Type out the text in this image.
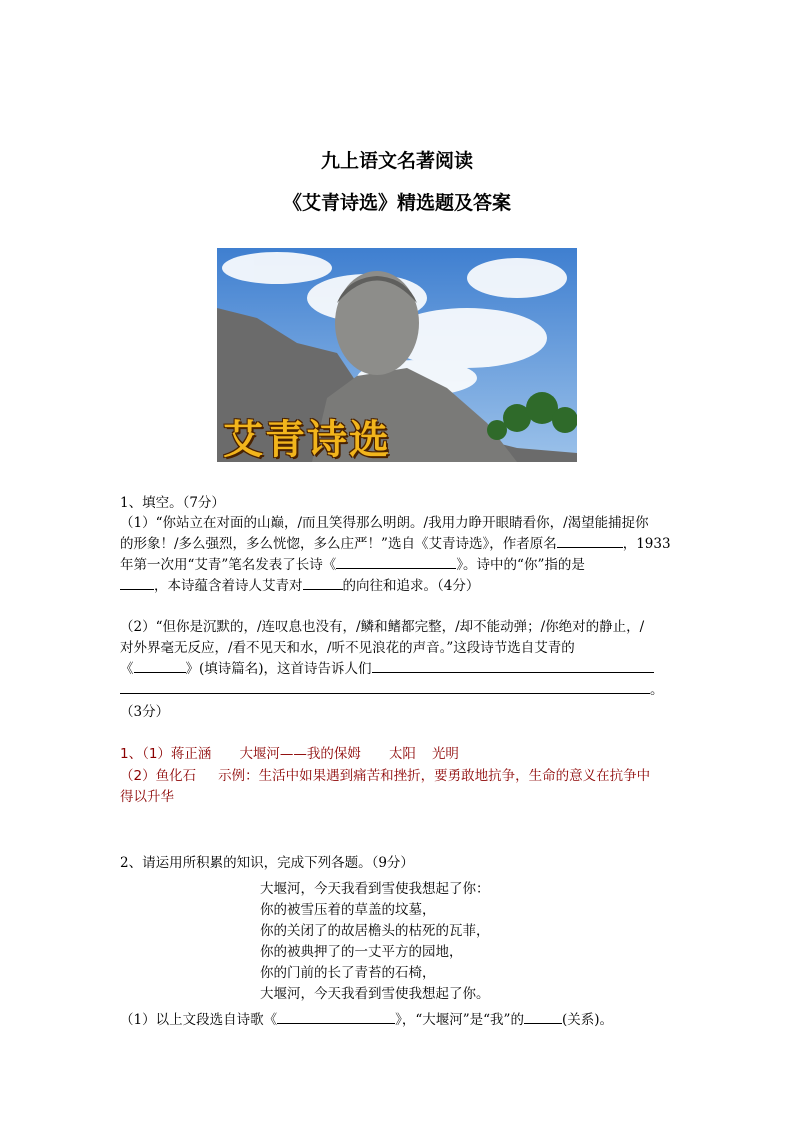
九上语文名著阅读
《艾青诗选》精选题及答案
艾青诗选
1、填空。（7分）
（1）“你站立在对面的山巅，/而且笑得那么明朗。/我用力睁开眼睛看你，/渴望能捕捉你
的形象！/多么强烈，多么恍惚，多么庄严！”选自《艾青诗选》，作者原名	，1933
年第一次用“艾青”笔名发表了长诗《	》。诗中的“你”指的是
，本诗蕴含着诗人艾青对	的向往和追求。（4分）
（2）“但你是沉默的，/连叹息也没有，/鳞和鳍都完整，/却不能动弹；/你绝对的静止，/
对外界毫无反应，/看不见天和水，/听不见浪花的声音。”这段诗节选自艾青的
《	》(填诗篇名)，这首诗告诉人们
。
（3分）
1、（1）蒋正涵 大堰河——我的保姆 太阳 光明
（2）鱼化石 示例：生活中如果遇到痛苦和挫折，要勇敢地抗争，生命的意义在抗争中
得以升华
2、请运用所积累的知识，完成下列各题。（9分）
大堰河，今天我看到雪使我想起了你：
你的被雪压着的草盖的坟墓，
你的关闭了的故居檐头的枯死的瓦菲，
你的被典押了的一丈平方的园地，
你的门前的长了青苔的石椅，
大堰河，今天我看到雪使我想起了你。
（1）以上文段选自诗歌《	》，“大堰河”是“我”的	(关系)。
